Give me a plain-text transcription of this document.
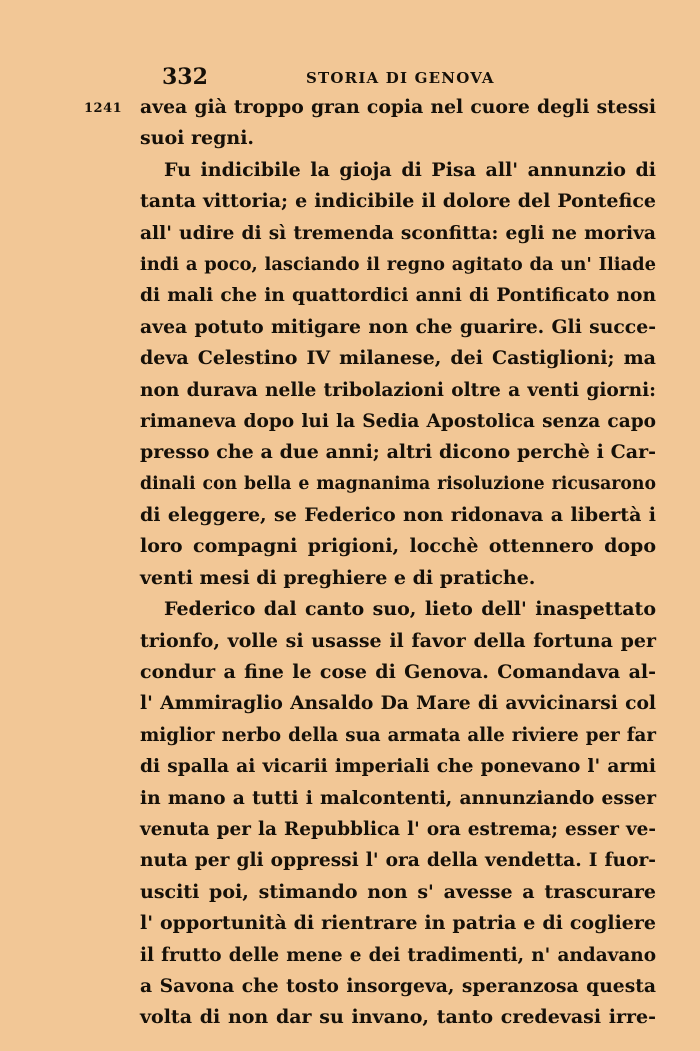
332	STORIA DI GENOVA
1241 avea già troppo gran copia nel cuore degli stessi
suoi regni.
Fu indicibile la gioja di Pisa all' annunzio di
tanta vittoria; e indicibile il dolore del Pontefice
all' udire di sì tremenda sconfitta: egli ne moriva
indi a poco, lasciando il regno agitato da un' Iliade
di mali che in quattordici anni di Pontificato non
avea potuto mitigare non che guarire. Gli succe-
deva Celestino IV milanese, dei Castiglioni; ma
non durava nelle tribolazioni oltre a venti giorni:
rimaneva dopo lui la Sedia Apostolica senza capo
presso che a due anni; altri dicono perchè i Car-
dinali con bella e magnanima risoluzione ricusarono
di eleggere, se Federico non ridonava a libertà i
loro compagni prigioni, locchè ottennero dopo
venti mesi di preghiere e di pratiche.
Federico dal canto suo, lieto dell' inaspettato
trionfo, volle si usasse il favor della fortuna per
condur a fine le cose di Genova. Comandava al-
l' Ammiraglio Ansaldo Da Mare di avvicinarsi col
miglior nerbo della sua armata alle riviere per far
di spalla ai vicarii imperiali che ponevano l' armi
in mano a tutti i malcontenti, annunziando esser
venuta per la Repubblica l' ora estrema; esser ve-
nuta per gli oppressi l' ora della vendetta. I fuor-
usciti poi, stimando non s' avesse a trascurare
l' opportunità di rientrare in patria e di cogliere
il frutto delle mene e dei tradimenti, n' andavano
a Savona che tosto insorgeva, speranzosa questa
volta di non dar su invano, tanto credevasi irre-
